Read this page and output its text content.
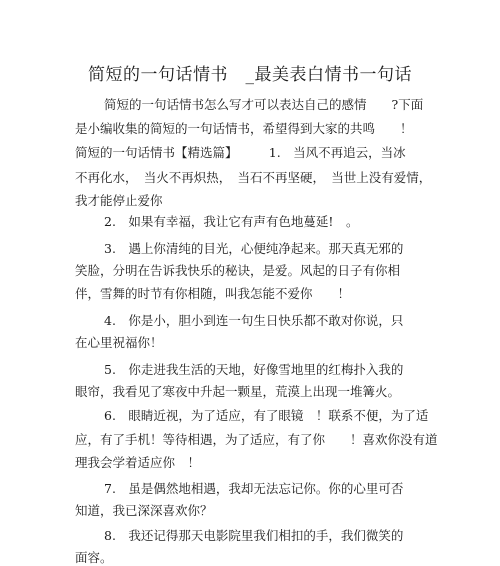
简短的一句话情书　_最美表白情书一句话
简短的一句话情书怎么写才可以表达自己的感情　　?下面
是小编收集的简短的一句话情书，希望得到大家的共鸣　　！
简短的一句话情书【精选篇】　　　1.　当风不再追云，当冰
不再化水，　当火不再炽热，　当石不再坚硬，　当世上没有爱情，
我才能停止爱你
2.　如果有幸福，我让它有声有色地蔓延!　。
3.　遇上你清纯的目光，心便纯净起来。那天真无邪的
笑脸，分明在告诉我快乐的秘诀，是爱。风起的日子有你相
伴，雪舞的时节有你相随，叫我怎能不爱你　　！
4.　你是小，胆小到连一句生日快乐都不敢对你说，只
在心里祝福你！
5.　你走进我生活的天地，好像雪地里的红梅扑入我的
眼帘，我看见了寒夜中升起一颗星，荒漠上出现一堆篝火。
6.　眼睛近视，为了适应，有了眼镜　！联系不便，为了适
应，有了手机！等待相遇，为了适应，有了你　　！喜欢你没有道
理我会学着适应你　！
7.　虽是偶然地相遇，我却无法忘记你。你的心里可否
知道，我已深深喜欢你？
8.　我还记得那天电影院里我们相扣的手，我们微笑的
面容。
